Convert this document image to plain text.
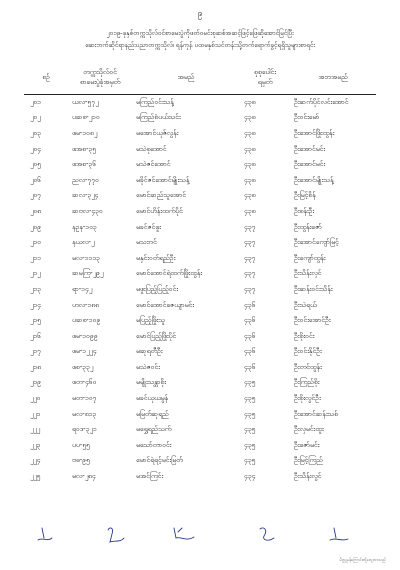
၉
၂၀၁၉-ခုနှစ်တက္ကသိုလ်ဝင်စာမေးပွဲကိုဖတ်ဝမင်းစုဆစ်အဆင့်ဖြင့်ဖြေဆိုအောင်မြင်ပြီး
ဆေးဘက်ဆိုင်ရာနည်းပညာတက္ကသိုလ်၊ ရန်ကုန် ပထမနှစ်သင်တန်းသို့တက်ရောက်ခွင့်ရရှိသူများစာရင်း
စဉ်	တက္ကသိုလ်ဝင်
စာမေးပွဲခုံအမှတ်	အမည်	စုစုပေါင်း
ရမှတ်	အဘအမည်
၂၀၁	ယလ-၅၇၂	မကြည်ဝင်းသန့်	၄၃၈	ဦးဆက်ပိုင်လင်းအောင်
၂၀၂	ပဆစ-၂၁၀	မကြည်စံပယ်သင်း	၄၃၈	ဦးဝင်းမော်
၂၀၃	ဖမ-၁၀၈၂	မအောင်ယုဇ်လွန်း	၄၃၈	ဦးအောင်ဖြိုးထွန်း
၂၀၄	ဖအစ-၃၅	မသဲစုအောင်	၄၃၈	ဦးအောင်မင်း
၂၀၅	ဖအစ-၃၆	မသဲဇင်အောင်	၄၃၈	ဦးအောင်မင်း
၂၀၆	ညလ-၇၇၀	မခိုင်ဇင်အောင်မျိုးသန့်	၄၃၈	ဦးအောင်မျိုးသန့်
၂၀၇	ဆလ-၃၂၄	မောင်ဆည်သူအောင်	၄၃၈	ဦးမြင့်စိန်
၂၀၈	ဆဗလ-၄၃၀	မောင်ဟိန်းထက်ပိုင်	၄၃၈	ဦးစန်းဦး
၂၀၉	နဥန-၁၀၃	မခင်ဇင်ဖူး	၄၃၇	ဦးထွန်းဇော်
၂၁၀	နယလ-၂	မသဘင်	၄၃၇	ဦးအောင်ကျော်မြင့်
၂၁၁	မလ-၁၁၁၃	မနှင်းဝတ်ရည်ဦး	၄၃၇	ဦးကျော်ထွန်း
၂၁၂	ဆမကြ-၂၉၂	မောင်အောင်ရဲထက်ဖြိုးထွန်း	၄၃၇	ဦးသိန်းလှင်
၂၁၃	ရာ-၁၄၂	မဖူးပြည့်ပြည့်ဝင်း	၄၃၇	ဦးဆန်းဝင်းသိန်း
၂၁၄	ဟလ-၁၈၈	မောင်အောင်ဇေယျာမင်း	၄၃၆	ဦးသဲရယ်
၂၁၅	ပဆစ-၁၀၉	မပြည့်ဖြိုးသူ	၄၃၆	ဦးဝင်းအောင်ဦး
၂၁၆	ဖမ-၁၀၉၉	မောင်ပြည့်ဖြိုးပိုင်	၄၃၆	ဦးစိုးဝင်း
၂၁၇	ဖမ-၁၂၂၄	မဆုရတီဦး	၄၃၆	ဦးဝင်းနိုင်ဦး
၂၁၈	ဖစ-၃၃၂	မသဲဇဝင်း	၄၃၆	ဦးတင်ထွန်း
၂၁၉	ဖတ-၄၆၀	မမျိုးသန္တာစိုး	၄၃၅	ဦးကြည်စိုး
၂၂၀	မတ-၁၀၇	မခင်ယုယမွန်	၄၃၅	ဦးစိုးလွင်ဦး
၂၂၁	မလ-၈၁၃	မမြတ်ဆုရည်	၄၃၅	ဦးအောင်ဆန်းသစ်
၂၂၂	ရဝဒ-၃၂၁	မရွှေရည်သက်	၄၃၅	ဦးလှမင်းထူး
၂၂၃	ပပ-၅၅	မသော်တာဝင်း	၄၃၅	ဦးဇော်မင်း
၂၂၄	ဗဓ-၉၅	မောင်ရဲရင့်မင်းမြတ်	၄၃၅	ဦးမြင့်ကြည်
၂၂၅	မလ-၂၈၄	မအင်ကြင်း	၄၃၄	ဦးသိန်းလွင်
မိတ္တူမှန်ကြောင်းတို့တွေတာသည်
